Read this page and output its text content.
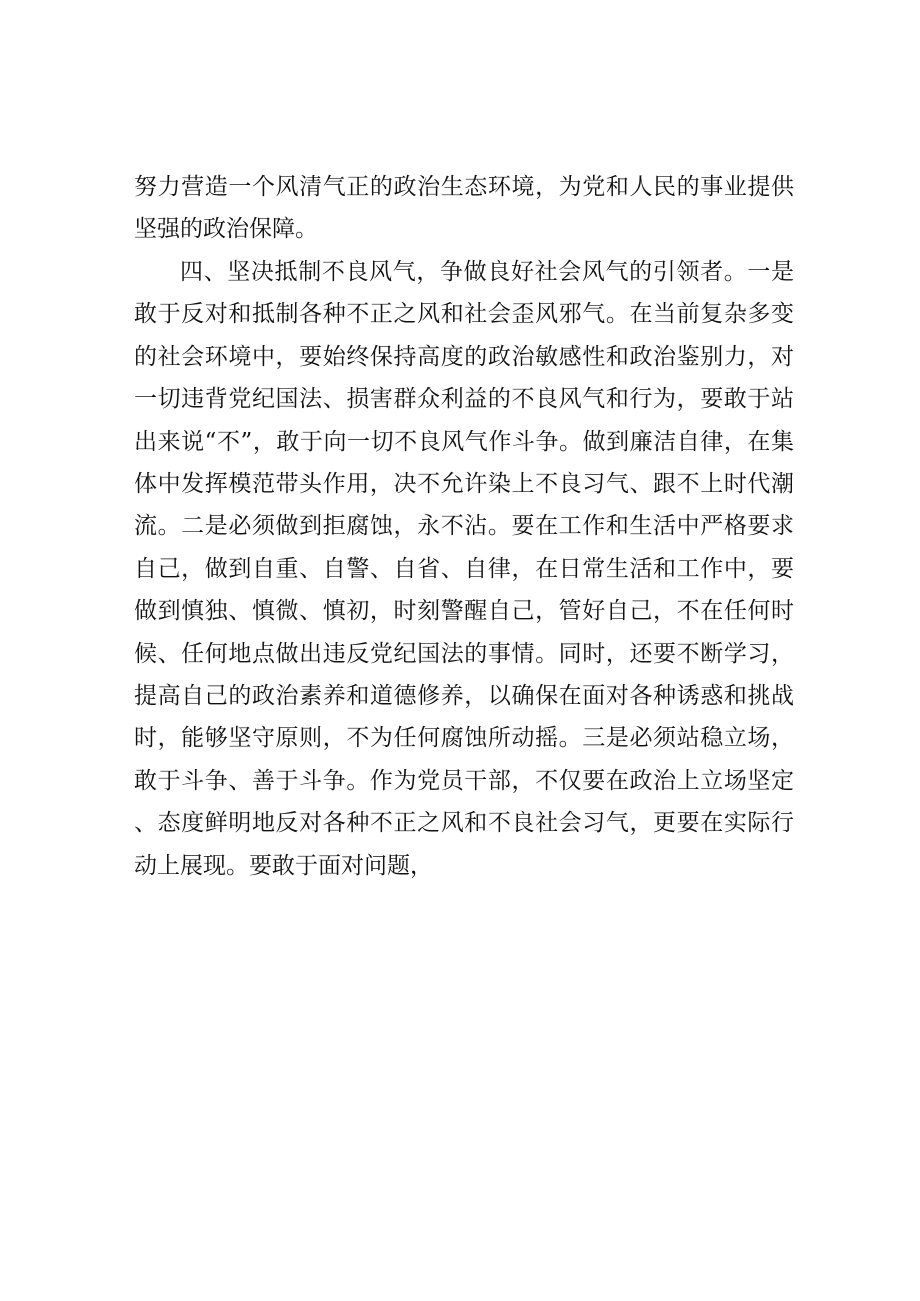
努力营造一个风清气正的政治生态环境，为党和人民的事业提供坚强的政治保障。

四、坚决抵制不良风气，争做良好社会风气的引领者。一是敢于反对和抵制各种不正之风和社会歪风邪气。在当前复杂多变的社会环境中，要始终保持高度的政治敏感性和政治鉴别力，对一切违背党纪国法、损害群众利益的不良风气和行为，要敢于站出来说“不”，敢于向一切不良风气作斗争。做到廉洁自律，在集体中发挥模范带头作用，决不允许染上不良习气、跟不上时代潮流。二是必须做到拒腐蚀，永不沾。要在工作和生活中严格要求自己，做到自重、自警、自省、自律，在日常生活和工作中，要做到慎独、慎微、慎初，时刻警醒自己，管好自己，不在任何时候、任何地点做出违反党纪国法的事情。同时，还要不断学习，提高自己的政治素养和道德修养，以确保在面对各种诱惑和挑战时，能够坚守原则，不为任何腐蚀所动摇。三是必须站稳立场，敢于斗争、善于斗争。作为党员干部，不仅要在政治上立场坚定、态度鲜明地反对各种不正之风和不良社会习气，更要在实际行动上展现。要敢于面对问题，
